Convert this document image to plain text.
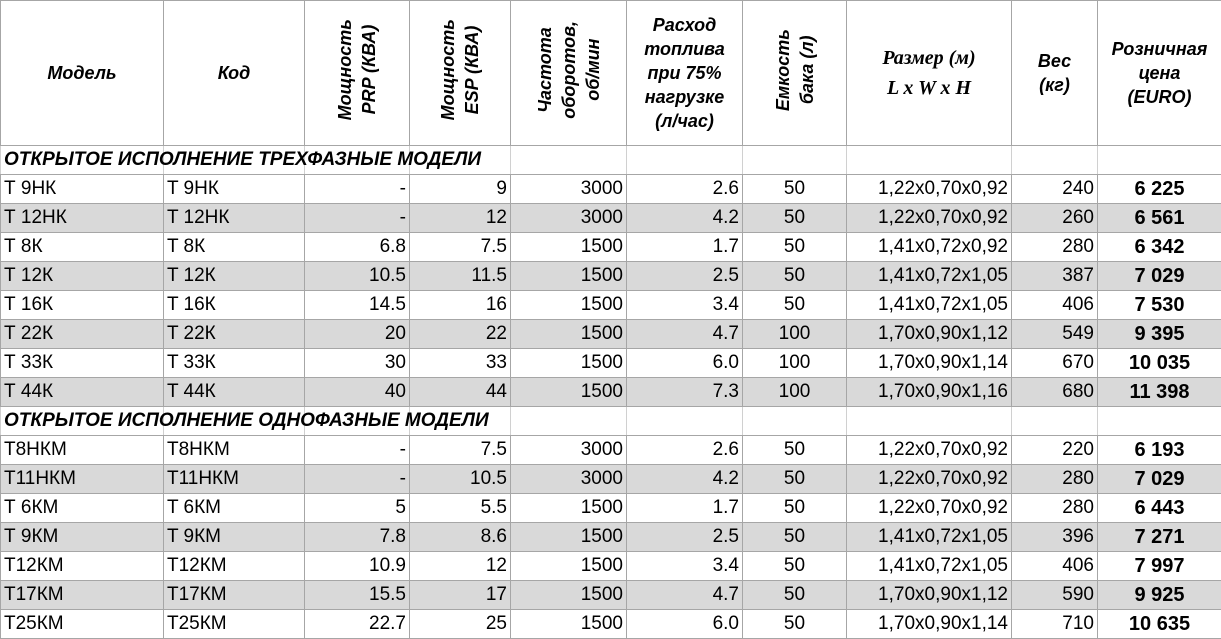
Модель	Код	Мощность PRP (КВА)	Мощность ESP (КВА)	Частота оборотов, об/мин	Расход
топлива
при 75%
нагрузке
(л/час)	Емкость бака (л)	Размер (м)
L x W x H	Вес
(кг)	Розничная
цена
(EURO)
ОТКРЫТОЕ ИСПОЛНЕНИЕ ТРЕХФАЗНЫЕ МОДЕЛИ									
Т 9НК	T 9НК	-	9	3000	2.6	50	1,22х0,70х0,92	240	6 225
Т 12НК	T 12НК	-	12	3000	4.2	50	1,22х0,70х0,92	260	6 561
Т 8К	T 8К	6.8	7.5	1500	1.7	50	1,41х0,72х0,92	280	6 342
Т 12К	T 12К	10.5	11.5	1500	2.5	50	1,41х0,72х1,05	387	7 029
Т 16К	T 16К	14.5	16	1500	3.4	50	1,41х0,72х1,05	406	7 530
Т 22К	T 22К	20	22	1500	4.7	100	1,70х0,90х1,12	549	9 395
Т 33К	T 33К	30	33	1500	6.0	100	1,70х0,90х1,14	670	10 035
Т 44К	T 44К	40	44	1500	7.3	100	1,70х0,90х1,16	680	11 398
ОТКРЫТОЕ ИСПОЛНЕНИЕ ОДНОФАЗНЫЕ МОДЕЛИ									
Т8НКМ	T8НКМ	-	7.5	3000	2.6	50	1,22х0,70х0,92	220	6 193
Т11НКМ	T11НКМ	-	10.5	3000	4.2	50	1,22х0,70х0,92	280	7 029
Т 6КМ	T 6КМ	5	5.5	1500	1.7	50	1,22х0,70х0,92	280	6 443
Т 9КМ	T 9КМ	7.8	8.6	1500	2.5	50	1,41х0,72х1,05	396	7 271
Т12КМ	T12КМ	10.9	12	1500	3.4	50	1,41х0,72х1,05	406	7 997
Т17КМ	T17КМ	15.5	17	1500	4.7	50	1,70х0,90х1,12	590	9 925
Т25КМ	T25КМ	22.7	25	1500	6.0	50	1,70х0,90х1,14	710	10 635
